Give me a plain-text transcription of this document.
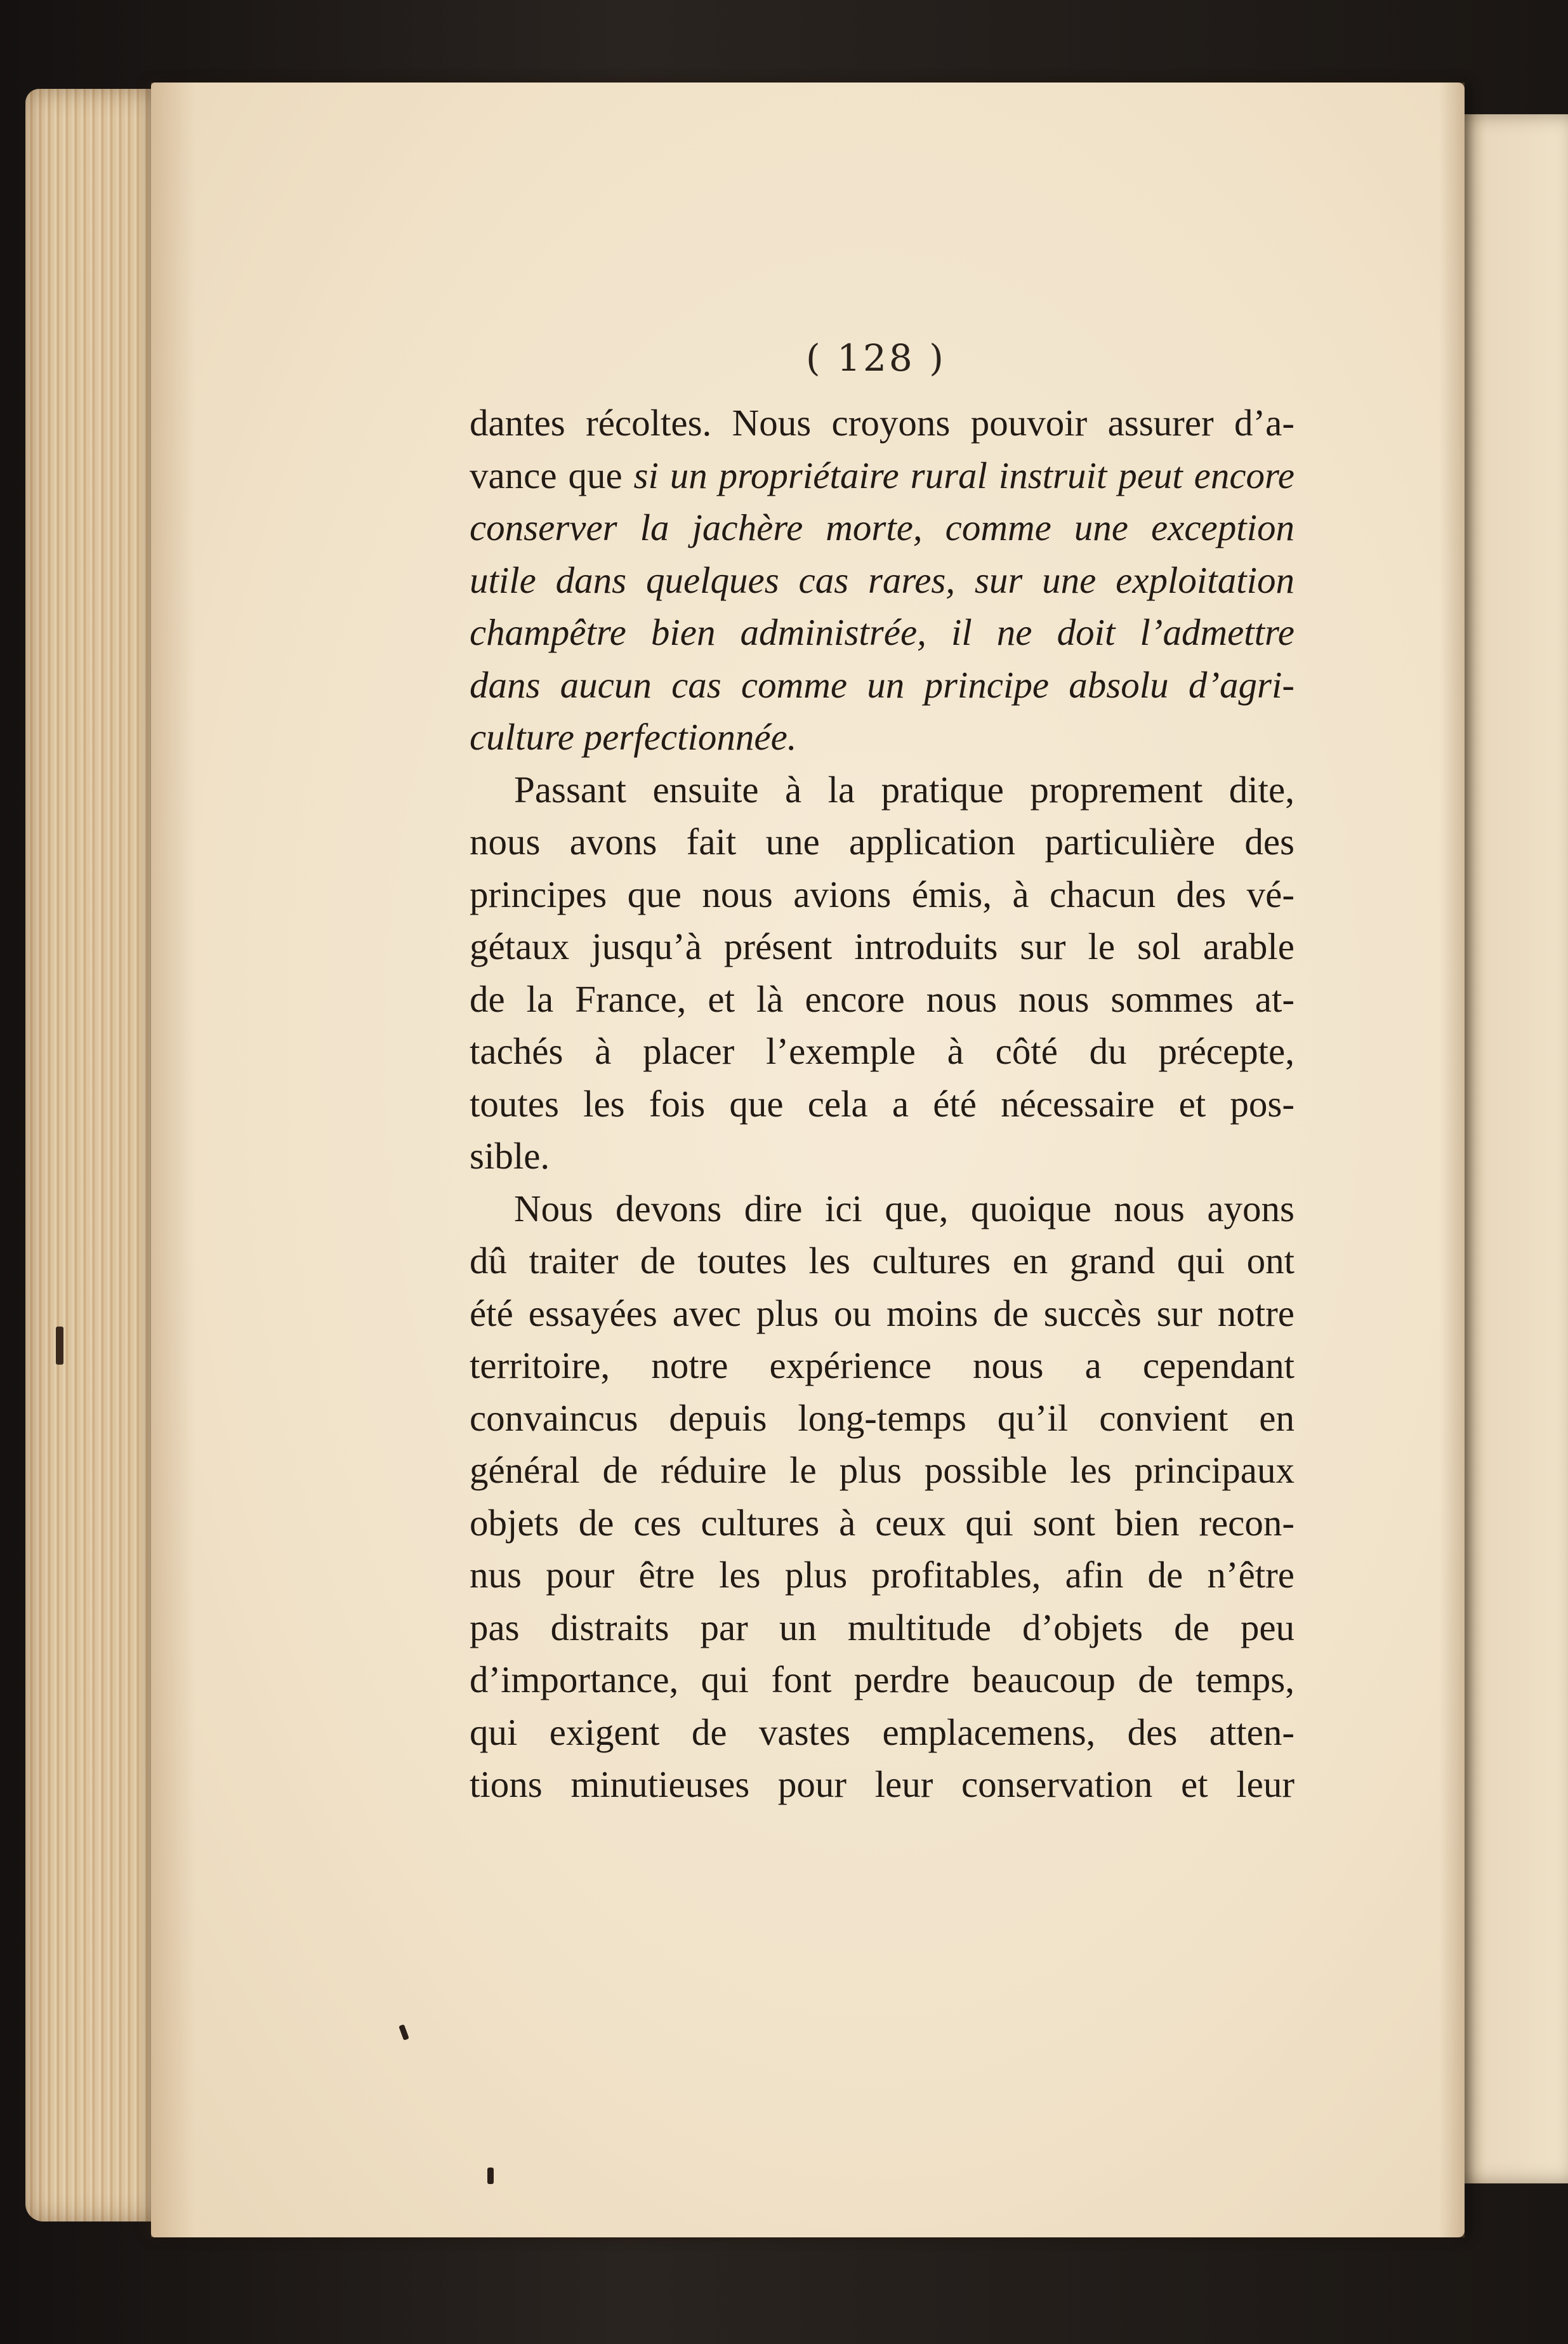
( 128 )
dantes récoltes. Nous croyons pouvoir assurer d’a-
vance que si un propriétaire rural instruit peut encore
conserver la jachère morte, comme une exception
utile dans quelques cas rares, sur une exploitation
champêtre bien administrée, il ne doit l’admettre
dans aucun cas comme un principe absolu d’agri-
culture perfectionnée.
Passant ensuite à la pratique proprement dite,
nous avons fait une application particulière des
principes que nous avions émis, à chacun des vé-
gétaux jusqu’à présent introduits sur le sol arable
de la France, et là encore nous nous sommes at-
tachés à placer l’exemple à côté du précepte,
toutes les fois que cela a été nécessaire et pos-
sible.
Nous devons dire ici que, quoique nous ayons
dû traiter de toutes les cultures en grand qui ont
été essayées avec plus ou moins de succès sur notre
territoire, notre expérience nous a cependant
convaincus depuis long-temps qu’il convient en
général de réduire le plus possible les principaux
objets de ces cultures à ceux qui sont bien recon-
nus pour être les plus profitables, afin de n’être
pas distraits par un multitude d’objets de peu
d’importance, qui font perdre beaucoup de temps,
qui exigent de vastes emplacemens, des atten-
tions minutieuses pour leur conservation et leur
